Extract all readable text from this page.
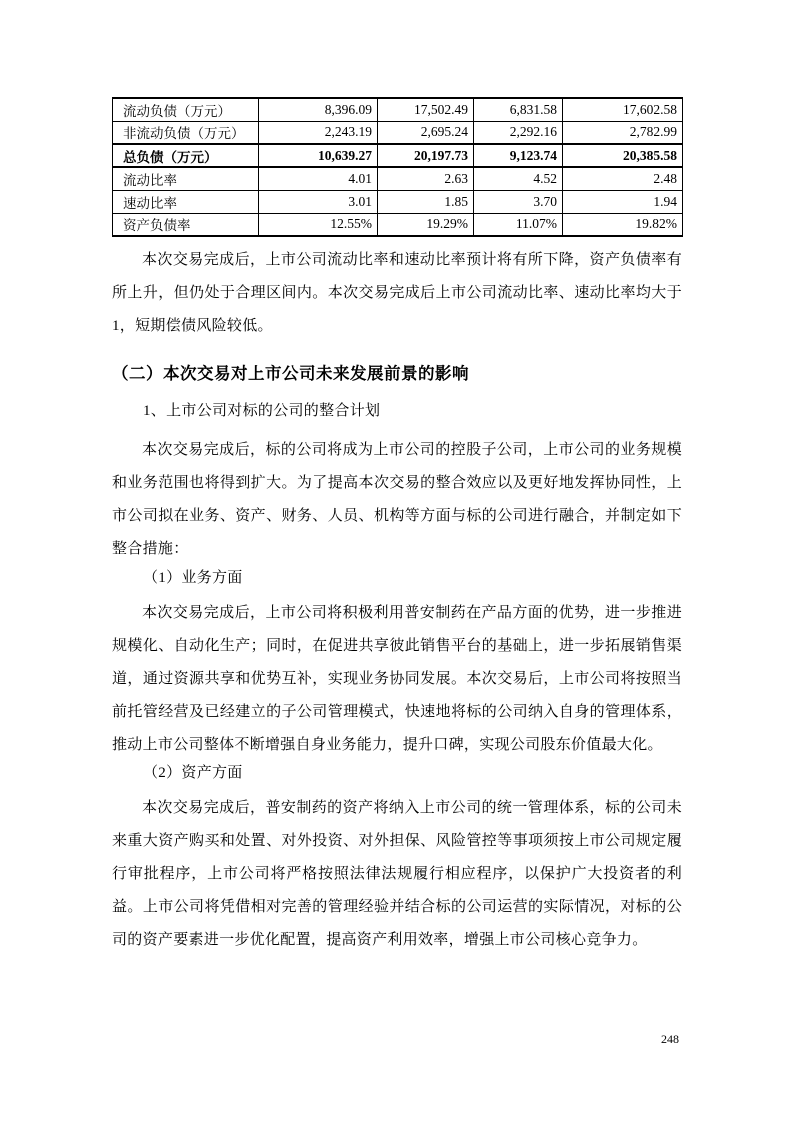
流动负债（万元）	8,396.09	17,502.49	6,831.58	17,602.58
非流动负债（万元）	2,243.19	2,695.24	2,292.16	2,782.99
总负债（万元）	10,639.27	20,197.73	9,123.74	20,385.58
流动比率	4.01	2.63	4.52	2.48
速动比率	3.01	1.85	3.70	1.94
资产负债率	12.55%	19.29%	11.07%	19.82%

本次交易完成后，上市公司流动比率和速动比率预计将有所下降，资产负债率有所上升，但仍处于合理区间内。本次交易完成后上市公司流动比率、速动比率均大于 1，短期偿债风险较低。

（二）本次交易对上市公司未来发展前景的影响
1、上市公司对标的公司的整合计划

本次交易完成后，标的公司将成为上市公司的控股子公司，上市公司的业务规模和业务范围也将得到扩大。为了提高本次交易的整合效应以及更好地发挥协同性，上市公司拟在业务、资产、财务、人员、机构等方面与标的公司进行融合，并制定如下整合措施：

（1）业务方面

本次交易完成后，上市公司将积极利用普安制药在产品方面的优势，进一步推进规模化、自动化生产；同时，在促进共享彼此销售平台的基础上，进一步拓展销售渠道，通过资源共享和优势互补，实现业务协同发展。本次交易后，上市公司将按照当前托管经营及已经建立的子公司管理模式，快速地将标的公司纳入自身的管理体系，推动上市公司整体不断增强自身业务能力，提升口碑，实现公司股东价值最大化。

（2）资产方面

本次交易完成后，普安制药的资产将纳入上市公司的统一管理体系，标的公司未来重大资产购买和处置、对外投资、对外担保、风险管控等事项须按上市公司规定履行审批程序，上市公司将严格按照法律法规履行相应程序，以保护广大投资者的利益。上市公司将凭借相对完善的管理经验并结合标的公司运营的实际情况，对标的公司的资产要素进一步优化配置，提高资产利用效率，增强上市公司核心竞争力。

248
